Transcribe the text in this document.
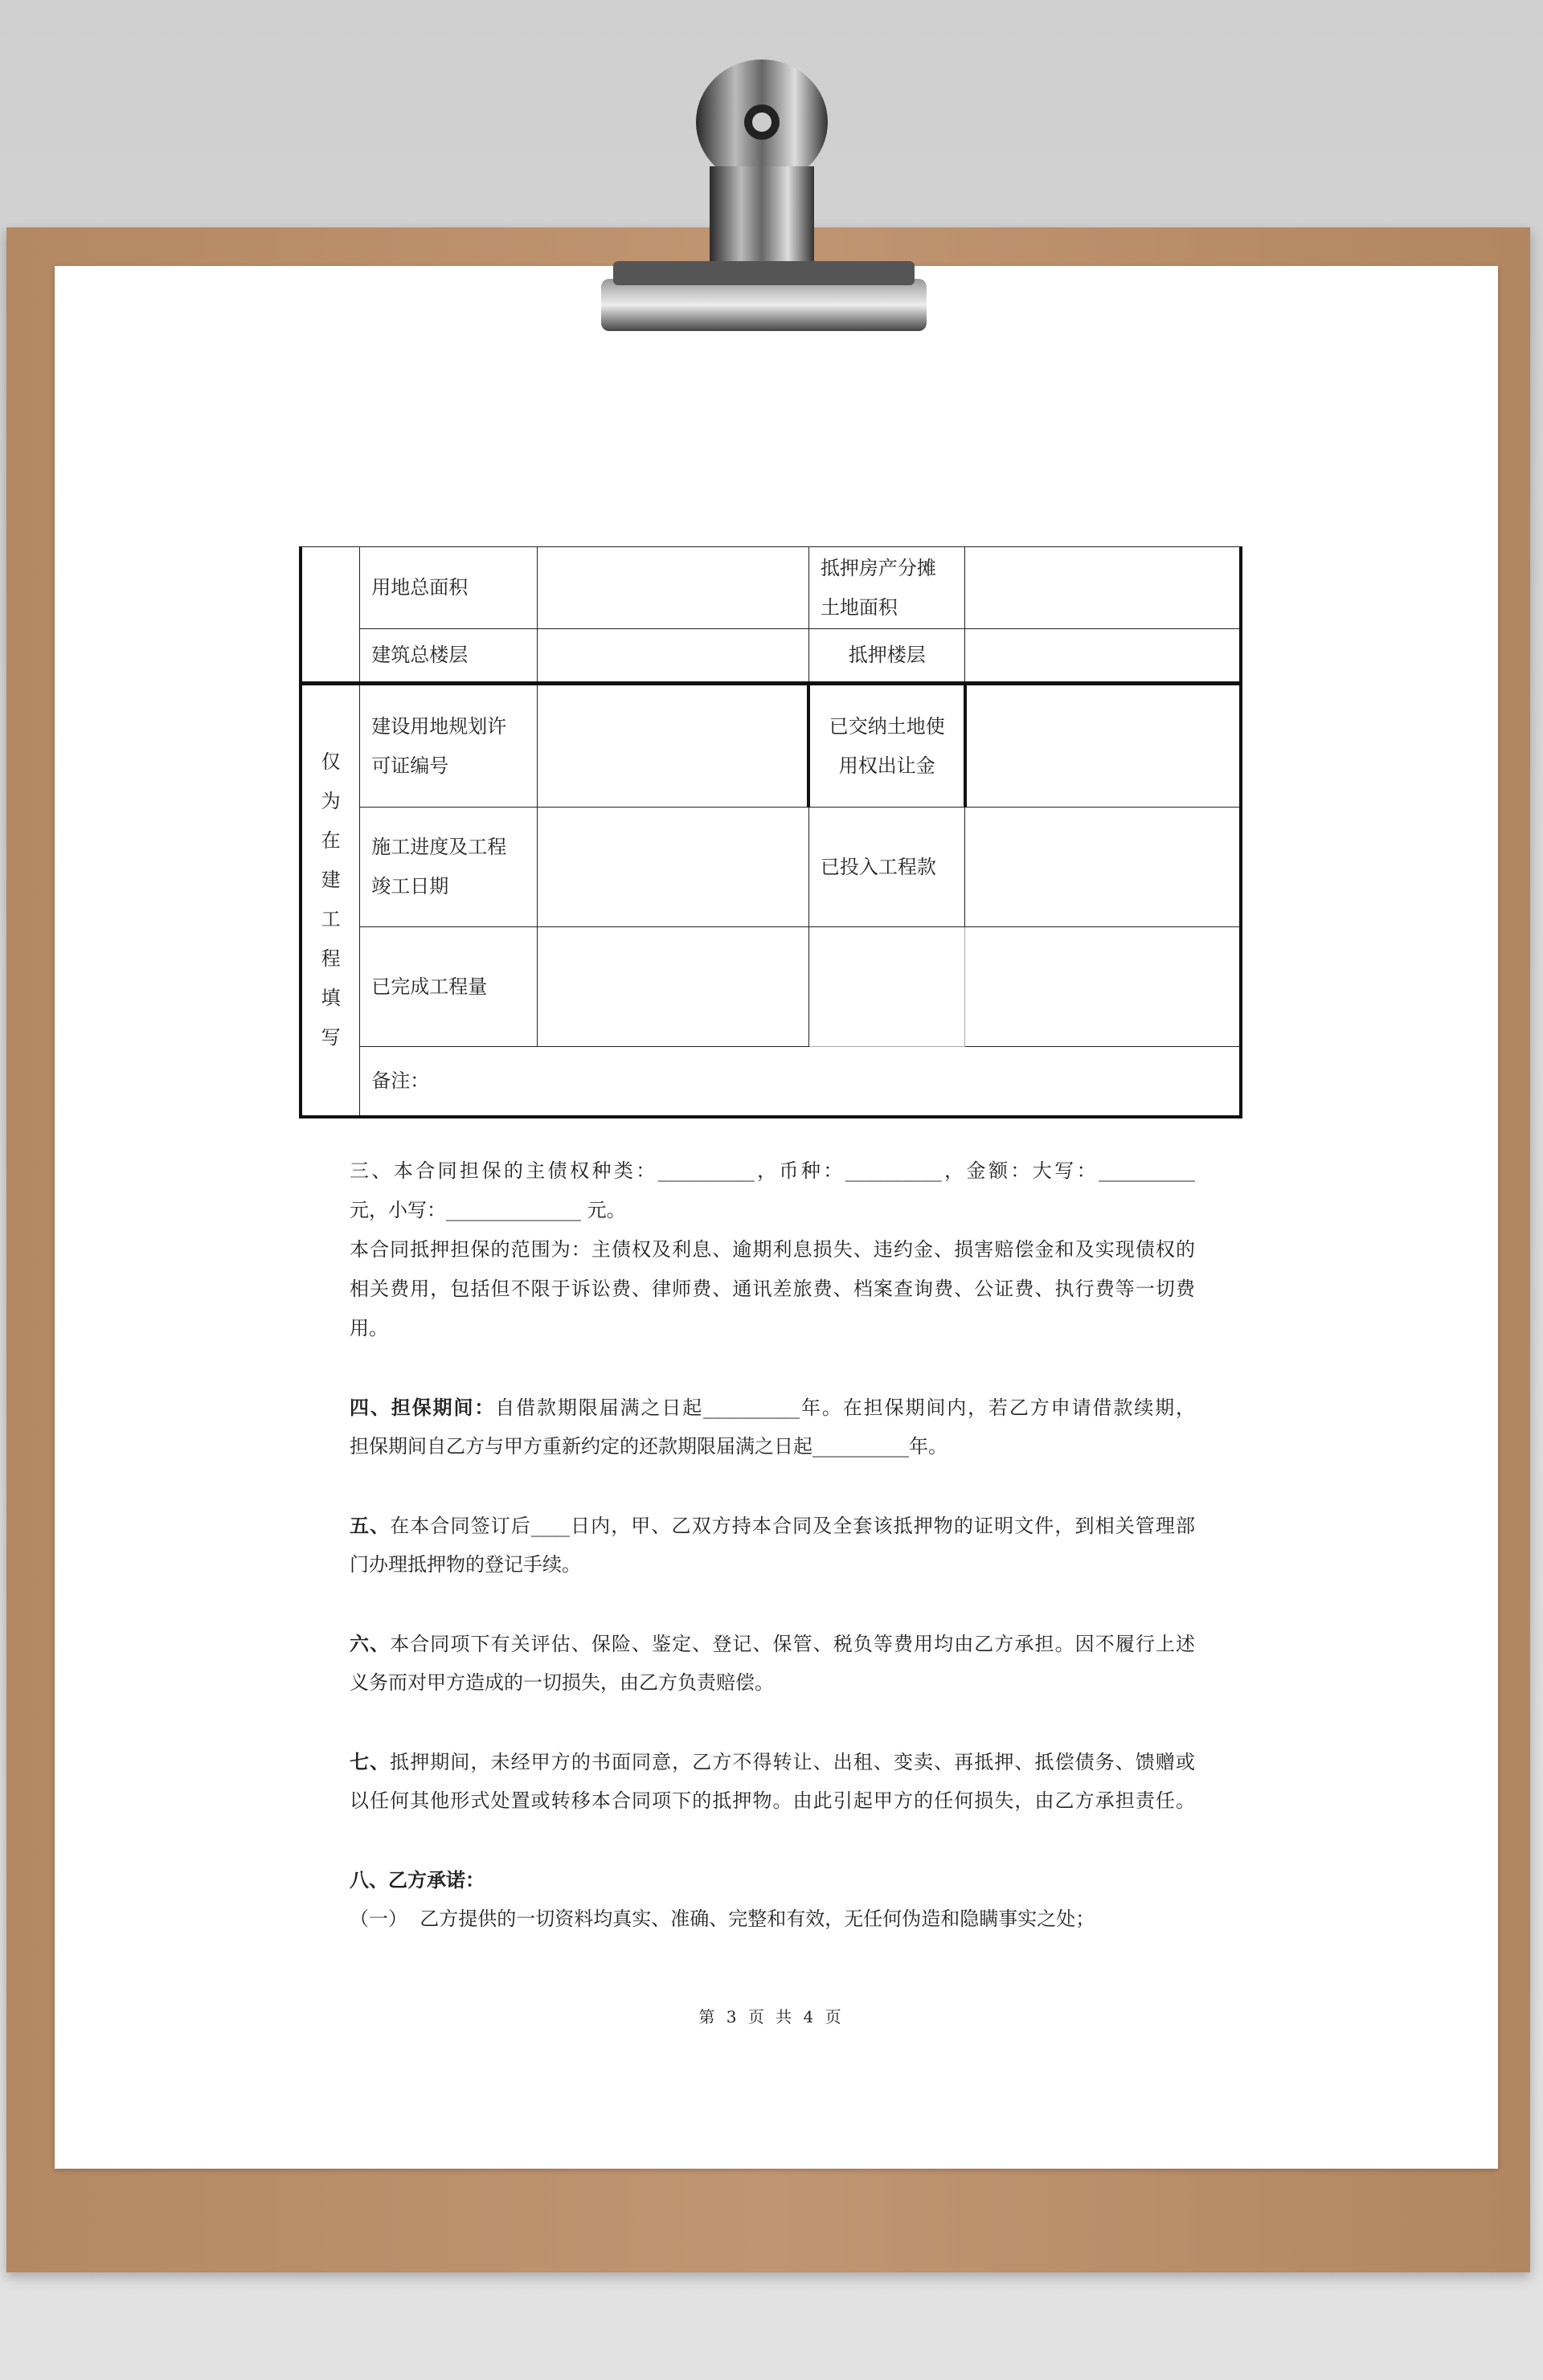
	用地总面积		抵押房产分摊土地面积	
	建筑总楼层		抵押楼层	
仅为在建工程填写	建设用地规划许可证编号		已交纳土地使用权出让金	
	施工进度及工程竣工日期		已投入工程款	
	已完成工程量			
	备注：			
三、本合同担保的主债权种类：__________，币种：__________，金额：大写：__________
元，小写：______________ 元。
本合同抵押担保的范围为：主债权及利息、逾期利息损失、违约金、损害赔偿金和及实现债权的
相关费用，包括但不限于诉讼费、律师费、通讯差旅费、档案查询费、公证费、执行费等一切费
用。
四、担保期间：自借款期限届满之日起__________年。在担保期间内，若乙方申请借款续期，
担保期间自乙方与甲方重新约定的还款期限届满之日起__________年。
五、在本合同签订后____日内，甲、乙双方持本合同及全套该抵押物的证明文件，到相关管理部
门办理抵押物的登记手续。
六、本合同项下有关评估、保险、鉴定、登记、保管、税负等费用均由乙方承担。因不履行上述
义务而对甲方造成的一切损失，由乙方负责赔偿。
七、抵押期间，未经甲方的书面同意，乙方不得转让、出租、变卖、再抵押、抵偿债务、馈赠或
以任何其他形式处置或转移本合同项下的抵押物。由此引起甲方的任何损失，由乙方承担责任。
八、乙方承诺：
（一）  乙方提供的一切资料均真实、准确、完整和有效，无任何伪造和隐瞒事实之处；
第 3 页 共 4 页
